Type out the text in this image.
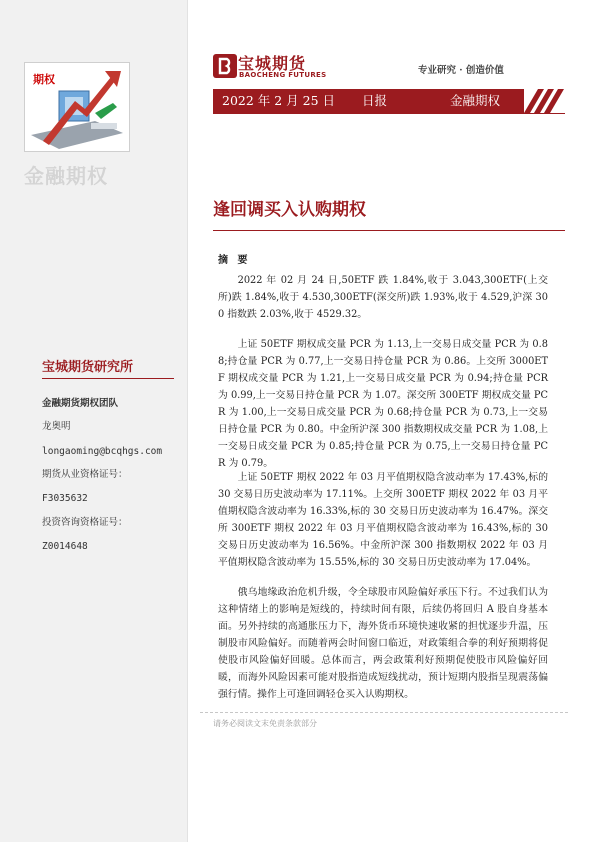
期权
金融期权
宝城期货研究所
金融期货期权团队
龙奥明
longaoming@bcqhgs.com
期货从业资格证号：
F3035632
投资咨询资格证号：
Z0014648
宝城期货
BAOCHENG FUTURES	专业研究 · 创造价值
2022 年 2 月 25 日 日报	金融期权
逢回调买入认购期权
摘 要

2022 年 02 月 24 日,50ETF 跌 1.84%,收于 3.043,300ETF(上交所)跌 1.84%,收于 4.530,300ETF(深交所)跌 1.93%,收于 4.529,沪深 300 指数跌 2.03%,收于 4529.32。

上证 50ETF 期权成交量 PCR 为 1.13,上一交易日成交量 PCR 为 0.88;持仓量 PCR 为 0.77,上一交易日持仓量 PCR 为 0.86。上交所 3000ETF 期权成交量 PCR 为 1.21,上一交易日成交量 PCR 为 0.94;持仓量 PCR 为 0.99,上一交易日持仓量 PCR 为 1.07。深交所 300ETF 期权成交量 PCR 为 1.00,上一交易日成交量 PCR 为 0.68;持仓量 PCR 为 0.73,上一交易日持仓量 PCR 为 0.80。中金所沪深 300 指数期权成交量 PCR 为 1.08,上一交易日成交量 PCR 为 0.85;持仓量 PCR 为 0.75,上一交易日持仓量 PCR 为 0.79。

上证 50ETF 期权 2022 年 03 月平值期权隐含波动率为 17.43%,标的 30 交易日历史波动率为 17.11%。上交所 300ETF 期权 2022 年 03 月平值期权隐含波动率为 16.33%,标的 30 交易日历史波动率为 16.47%。深交所 300ETF 期权 2022 年 03 月平值期权隐含波动率为 16.43%,标的 30 交易日历史波动率为 16.56%。中金所沪深 300 指数期权 2022 年 03 月平值期权隐含波动率为 15.55%,标的 30 交易日历史波动率为 17.04%。

俄乌地缘政治危机升级，令全球股市风险偏好承压下行。不过我们认为这种情绪上的影响是短线的，持续时间有限，后续仍将回归 A 股自身基本面。另外持续的高通胀压力下，海外货币环境快速收紧的担忧逐步升温，压制股市风险偏好。而随着两会时间窗口临近，对政策组合拳的利好预期将促使股市风险偏好回暖。总体而言，两会政策利好预期促使股市风险偏好回暖，而海外风险因素可能对股指造成短线扰动，预计短期内股指呈现震荡偏强行情。操作上可逢回调轻仓买入认购期权。

请务必阅读文末免责条款部分
